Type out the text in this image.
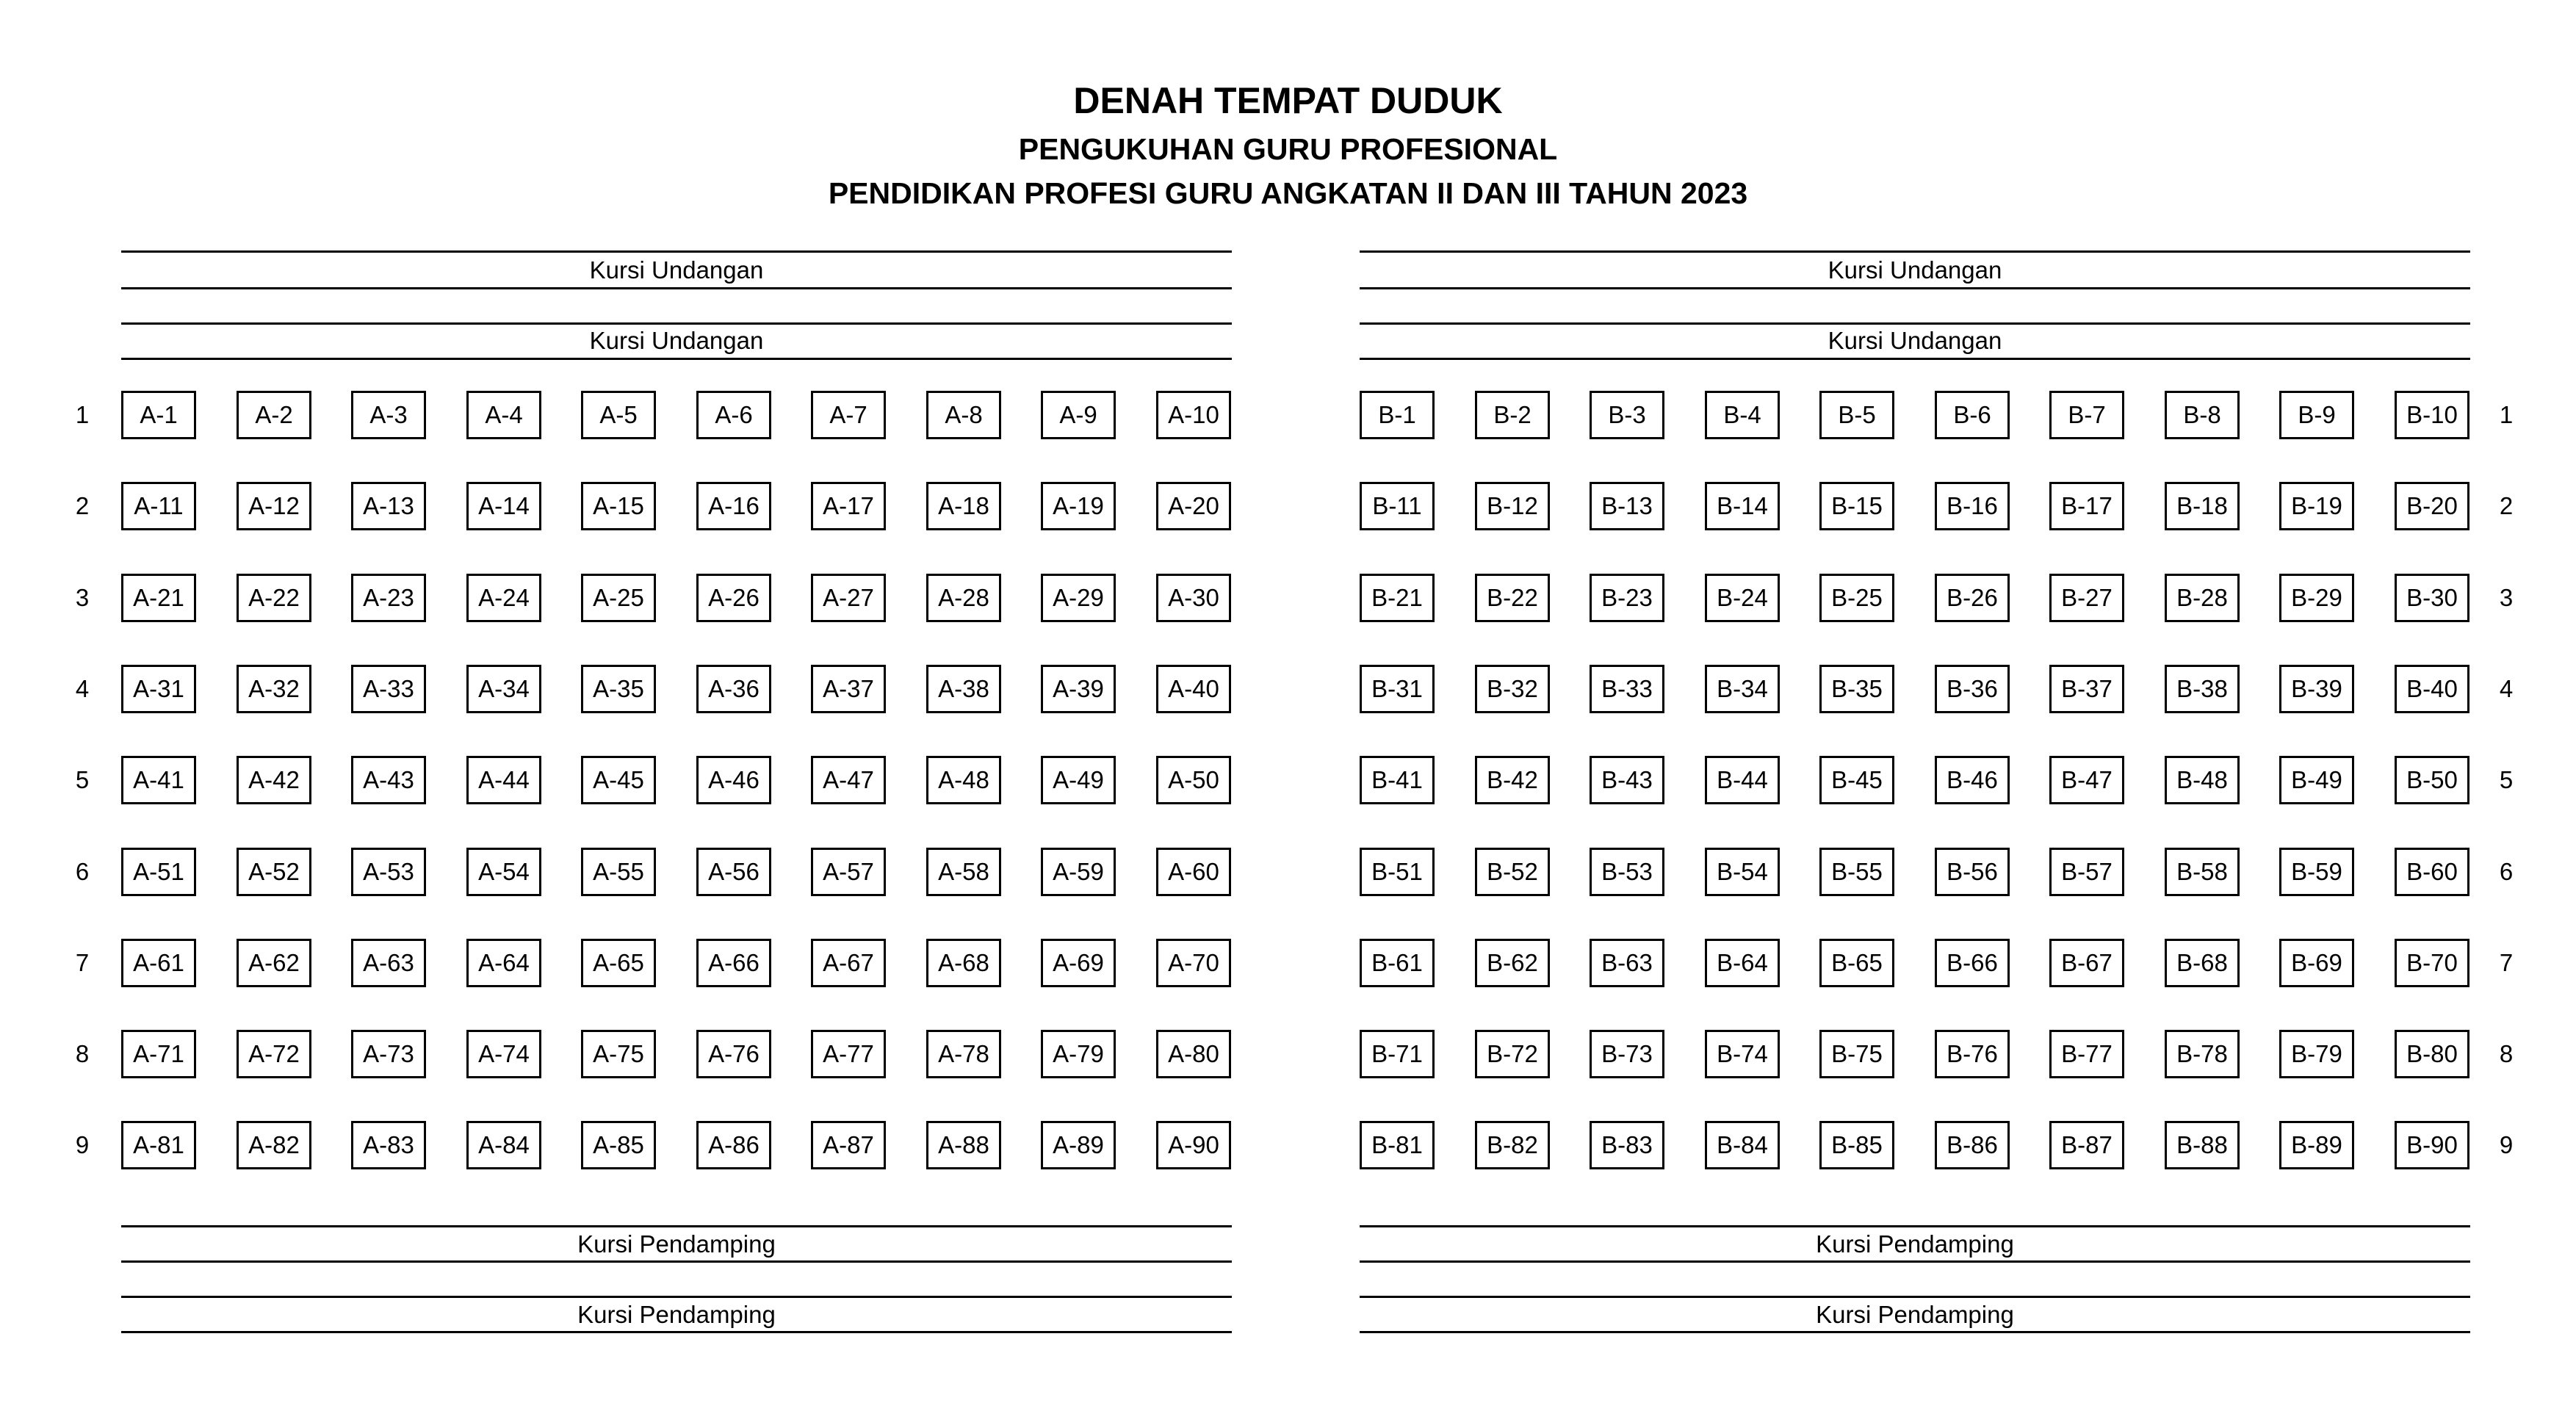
DENAH TEMPAT DUDUK
PENGUKUHAN GURU PROFESIONAL
PENDIDIKAN PROFESI GURU ANGKATAN II DAN III TAHUN 2023
Kursi Undangan
Kursi Undangan
A-1	A-2	A-3	A-4	A-5	A-6	A-7	A-8	A-9	A-10
A-11	A-12	A-13	A-14	A-15	A-16	A-17	A-18	A-19	A-20
A-21	A-22	A-23	A-24	A-25	A-26	A-27	A-28	A-29	A-30
A-31	A-32	A-33	A-34	A-35	A-36	A-37	A-38	A-39	A-40
A-41	A-42	A-43	A-44	A-45	A-46	A-47	A-48	A-49	A-50
A-51	A-52	A-53	A-54	A-55	A-56	A-57	A-58	A-59	A-60
A-61	A-62	A-63	A-64	A-65	A-66	A-67	A-68	A-69	A-70
A-71	A-72	A-73	A-74	A-75	A-76	A-77	A-78	A-79	A-80
A-81	A-82	A-83	A-84	A-85	A-86	A-87	A-88	A-89	A-90
Kursi Pendamping
Kursi Pendamping
Kursi Undangan
Kursi Undangan
B-1	B-2	B-3	B-4	B-5	B-6	B-7	B-8	B-9	B-10
B-11	B-12	B-13	B-14	B-15	B-16	B-17	B-18	B-19	B-20
B-21	B-22	B-23	B-24	B-25	B-26	B-27	B-28	B-29	B-30
B-31	B-32	B-33	B-34	B-35	B-36	B-37	B-38	B-39	B-40
B-41	B-42	B-43	B-44	B-45	B-46	B-47	B-48	B-49	B-50
B-51	B-52	B-53	B-54	B-55	B-56	B-57	B-58	B-59	B-60
B-61	B-62	B-63	B-64	B-65	B-66	B-67	B-68	B-69	B-70
B-71	B-72	B-73	B-74	B-75	B-76	B-77	B-78	B-79	B-80
B-81	B-82	B-83	B-84	B-85	B-86	B-87	B-88	B-89	B-90
Kursi Pendamping
Kursi Pendamping
1	1
2	2
3	3
4	4
5	5
6	6
7	7
8	8
9	9
